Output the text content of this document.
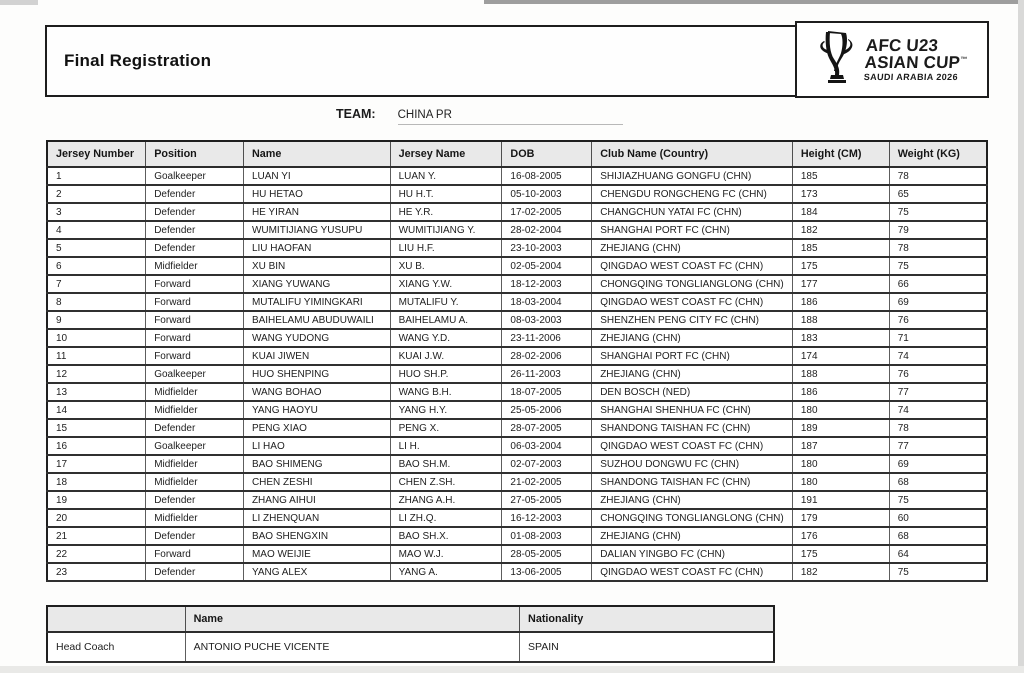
Final Registration
AFC U23
ASIAN CUP™
SAUDI ARABIA 2026
TEAM: CHINA PR
Jersey Number	Position	Name	Jersey Name	DOB	Club Name (Country)	Height (CM)	Weight (KG)
1	Goalkeeper	LUAN YI	LUAN Y.	16-08-2005	SHIJIAZHUANG GONGFU (CHN)	185	78
2	Defender	HU HETAO	HU H.T.	05-10-2003	CHENGDU RONGCHENG FC (CHN)	173	65
3	Defender	HE YIRAN	HE Y.R.	17-02-2005	CHANGCHUN YATAI FC (CHN)	184	75
4	Defender	WUMITIJIANG YUSUPU	WUMITIJIANG Y.	28-02-2004	SHANGHAI PORT FC (CHN)	182	79
5	Defender	LIU HAOFAN	LIU H.F.	23-10-2003	ZHEJIANG (CHN)	185	78
6	Midfielder	XU BIN	XU B.	02-05-2004	QINGDAO WEST COAST FC (CHN)	175	75
7	Forward	XIANG YUWANG	XIANG Y.W.	18-12-2003	CHONGQING TONGLIANGLONG (CHN)	177	66
8	Forward	MUTALIFU YIMINGKARI	MUTALIFU Y.	18-03-2004	QINGDAO WEST COAST FC (CHN)	186	69
9	Forward	BAIHELAMU ABUDUWAILI	BAIHELAMU A.	08-03-2003	SHENZHEN PENG CITY FC (CHN)	188	76
10	Forward	WANG YUDONG	WANG Y.D.	23-11-2006	ZHEJIANG (CHN)	183	71
11	Forward	KUAI JIWEN	KUAI J.W.	28-02-2006	SHANGHAI PORT FC (CHN)	174	74
12	Goalkeeper	HUO SHENPING	HUO SH.P.	26-11-2003	ZHEJIANG (CHN)	188	76
13	Midfielder	WANG BOHAO	WANG B.H.	18-07-2005	DEN BOSCH (NED)	186	77
14	Midfielder	YANG HAOYU	YANG H.Y.	25-05-2006	SHANGHAI SHENHUA FC (CHN)	180	74
15	Defender	PENG XIAO	PENG X.	28-07-2005	SHANDONG TAISHAN FC (CHN)	189	78
16	Goalkeeper	LI HAO	LI H.	06-03-2004	QINGDAO WEST COAST FC (CHN)	187	77
17	Midfielder	BAO SHIMENG	BAO SH.M.	02-07-2003	SUZHOU DONGWU FC (CHN)	180	69
18	Midfielder	CHEN ZESHI	CHEN Z.SH.	21-02-2005	SHANDONG TAISHAN FC (CHN)	180	68
19	Defender	ZHANG AIHUI	ZHANG A.H.	27-05-2005	ZHEJIANG (CHN)	191	75
20	Midfielder	LI ZHENQUAN	LI ZH.Q.	16-12-2003	CHONGQING TONGLIANGLONG (CHN)	179	60
21	Defender	BAO SHENGXIN	BAO SH.X.	01-08-2003	ZHEJIANG (CHN)	176	68
22	Forward	MAO WEIJIE	MAO W.J.	28-05-2005	DALIAN YINGBO FC (CHN)	175	64
23	Defender	YANG ALEX	YANG A.	13-06-2005	QINGDAO WEST COAST FC (CHN)	182	75
	Name	Nationality
Head Coach	ANTONIO PUCHE VICENTE	SPAIN
